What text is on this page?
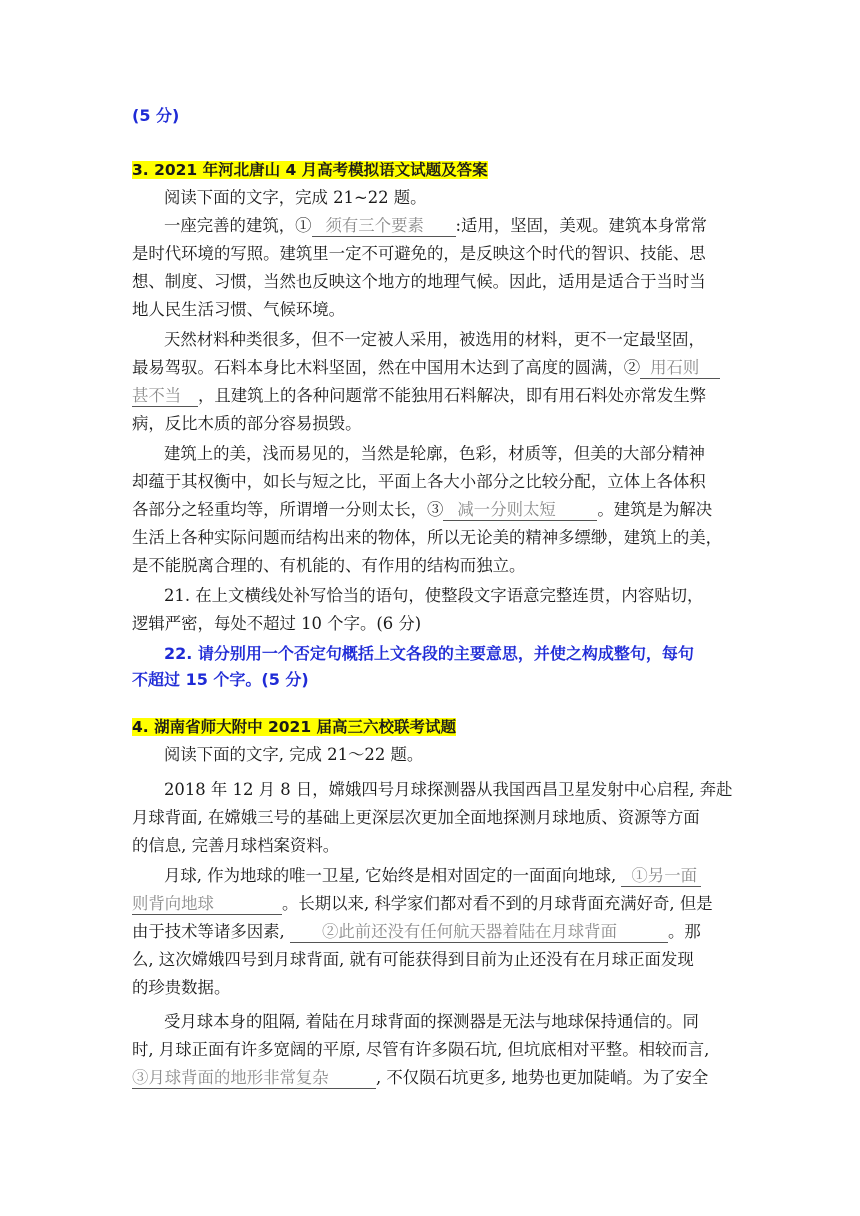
(5 分)
3. 2021 年河北唐山 4 月高考模拟语文试题及答案
阅读下面的文字，完成 21~22 题。
一座完善的建筑，① 须有三个要素 :适用，坚固，美观。建筑本身常常
是时代环境的写照。建筑里一定不可避免的，是反映这个时代的智识、技能、思
想、制度、习惯，当然也反映这个地方的地理气候。因此，适用是适合于当时当
地人民生活习惯、气候环境。
天然材料种类很多，但不一定被人采用，被选用的材料，更不一定最坚固，
最易驾驭。石料本身比木料坚固，然在中国用木达到了高度的圆满，② 用石则
甚不当 ，且建筑上的各种问题常不能独用石料解决，即有用石料处亦常发生弊
病，反比木质的部分容易损毁。
建筑上的美，浅而易见的，当然是轮廓，色彩，材质等，但美的大部分精神
却蕴于其权衡中，如长与短之比，平面上各大小部分之比较分配，立体上各体积
各部分之轻重均等，所谓增一分则太长，③ 减一分则太短	。建筑是为解决
生活上各种实际问题而结构出来的物体，所以无论美的精神多缥缈，建筑上的美，
是不能脱离合理的、有机能的、有作用的结构而独立。
21. 在上文横线处补写恰当的语句，使整段文字语意完整连贯，内容贴切，
逻辑严密，每处不超过 10 个字。(6 分)
22. 请分别用一个否定句概括上文各段的主要意思，并使之构成整句，每句
不超过 15 个字。(5 分)
4. 湖南省师大附中 2021 届高三六校联考试题
阅读下面的文字, 完成 21～22 题。
2018 年 12 月 8 日，嫦娥四号月球探测器从我国西昌卫星发射中心启程, 奔赴
月球背面, 在嫦娥三号的基础上更深层次更加全面地探测月球地质、资源等方面
的信息, 完善月球档案资料。
月球, 作为地球的唯一卫星, 它始终是相对固定的一面面向地球, ①另一面
则背向地球	。长期以来, 科学家们都对看不到的月球背面充满好奇, 但是
由于技术等诸多因素, ②此前还没有任何航天器着陆在月球背面	。那
么, 这次嫦娥四号到月球背面, 就有可能获得到目前为止还没有在月球正面发现
的珍贵数据。
受月球本身的阻隔, 着陆在月球背面的探测器是无法与地球保持通信的。同
时, 月球正面有许多宽阔的平原, 尽管有许多陨石坑, 但坑底相对平整。相较而言,
③月球背面的地形非常复杂	, 不仅陨石坑更多, 地势也更加陡峭。为了安全
